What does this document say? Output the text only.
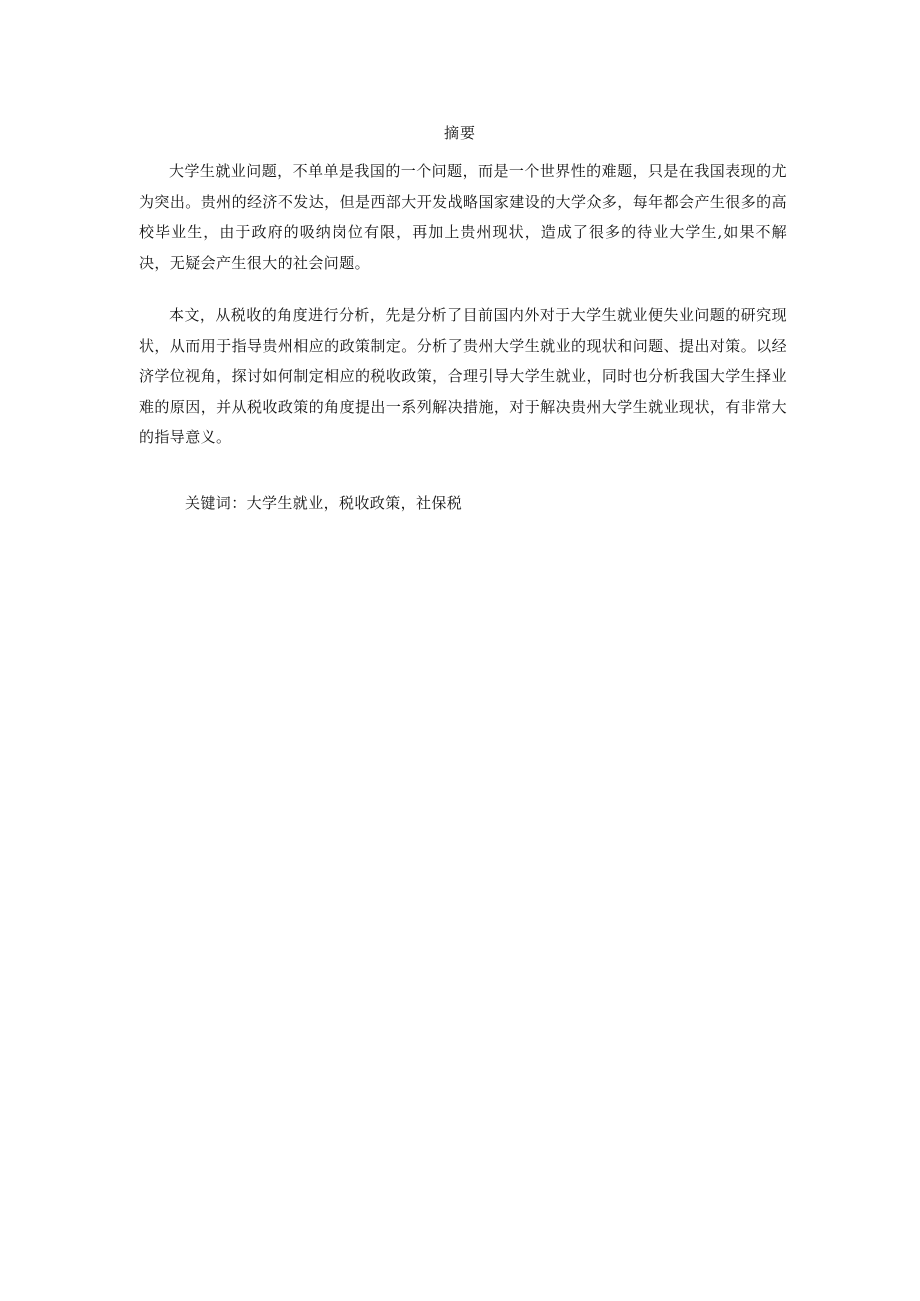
摘要

大学生就业问题，不单单是我国的一个问题，而是一个世界性的难题，只是在我国表现的尤为突出。贵州的经济不发达，但是西部大开发战略国家建设的大学众多，每年都会产生很多的高校毕业生，由于政府的吸纳岗位有限，再加上贵州现状，造成了很多的待业大学生,如果不解决，无疑会产生很大的社会问题。

本文，从税收的角度进行分析，先是分析了目前国内外对于大学生就业便失业问题的研究现状，从而用于指导贵州相应的政策制定。分析了贵州大学生就业的现状和问题、提出对策。以经济学位视角，探讨如何制定相应的税收政策，合理引导大学生就业，同时也分析我国大学生择业难的原因，并从税收政策的角度提出一系列解决措施，对于解决贵州大学生就业现状，有非常大的指导意义。

关键词：大学生就业，税收政策，社保税
